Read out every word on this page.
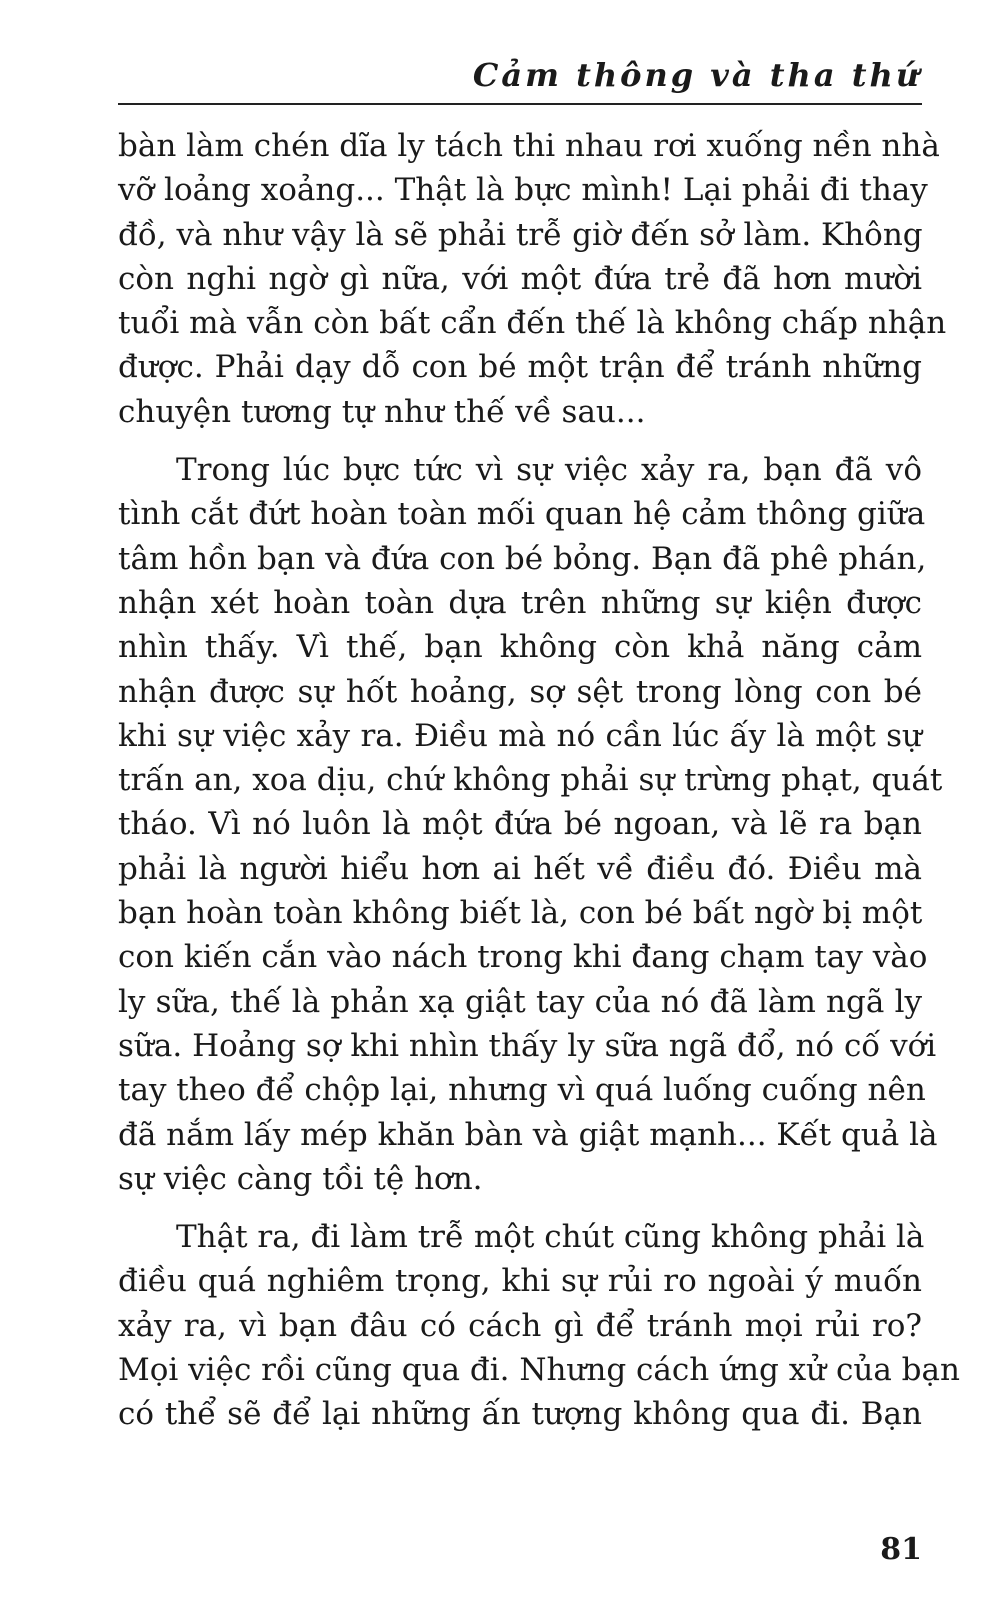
Cảm thông và tha thứ
bàn làm chén dĩa ly tách thi nhau rơi xuống nền nhà
vỡ loảng xoảng... Thật là bực mình! Lại phải đi thay
đồ, và như vậy là sẽ phải trễ giờ đến sở làm. Không
còn nghi ngờ gì nữa, với một đứa trẻ đã hơn mười
tuổi mà vẫn còn bất cẩn đến thế là không chấp nhận
được. Phải dạy dỗ con bé một trận để tránh những
chuyện tương tự như thế về sau...
Trong lúc bực tức vì sự việc xảy ra, bạn đã vô
tình cắt đứt hoàn toàn mối quan hệ cảm thông giữa
tâm hồn bạn và đứa con bé bỏng. Bạn đã phê phán,
nhận xét hoàn toàn dựa trên những sự kiện được
nhìn thấy. Vì thế, bạn không còn khả năng cảm
nhận được sự hốt hoảng, sợ sệt trong lòng con bé
khi sự việc xảy ra. Điều mà nó cần lúc ấy là một sự
trấn an, xoa dịu, chứ không phải sự trừng phạt, quát
tháo. Vì nó luôn là một đứa bé ngoan, và lẽ ra bạn
phải là người hiểu hơn ai hết về điều đó. Điều mà
bạn hoàn toàn không biết là, con bé bất ngờ bị một
con kiến cắn vào nách trong khi đang chạm tay vào
ly sữa, thế là phản xạ giật tay của nó đã làm ngã ly
sữa. Hoảng sợ khi nhìn thấy ly sữa ngã đổ, nó cố với
tay theo để chộp lại, nhưng vì quá luống cuống nên
đã nắm lấy mép khăn bàn và giật mạnh... Kết quả là
sự việc càng tồi tệ hơn.
Thật ra, đi làm trễ một chút cũng không phải là
điều quá nghiêm trọng, khi sự rủi ro ngoài ý muốn
xảy ra, vì bạn đâu có cách gì để tránh mọi rủi ro?
Mọi việc rồi cũng qua đi. Nhưng cách ứng xử của bạn
có thể sẽ để lại những ấn tượng không qua đi. Bạn
81
